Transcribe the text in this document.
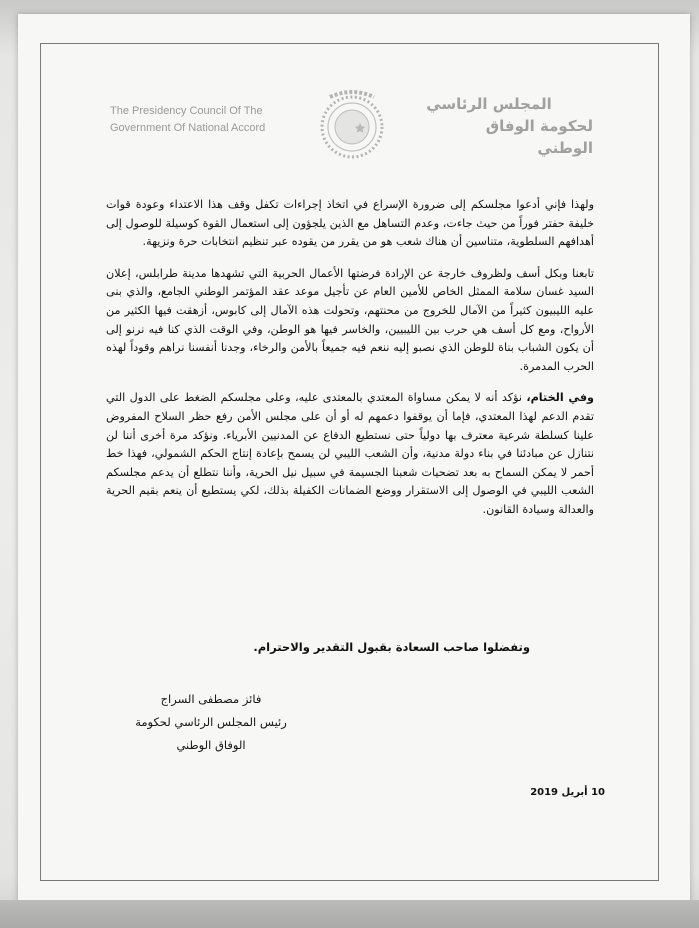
The Presidency Council Of The
Government Of National Accord
المجلس الرئاسي
لحكومة الوفاق الوطني

ولهذا فإني أدعوا مجلسكم إلى ضرورة الإسراع في اتخاذ إجراءات تكفل وقف هذا الاعتداء وعودة قوات خليفة حفتر فوراً من حيث جاءت، وعدم التساهل مع الذين يلجؤون إلى استعمال القوة كوسيلة للوصول إلى أهدافهم السلطوية، متناسين أن هناك شعب هو من يقرر من يقوده عبر تنظيم انتخابات حرة ونزيهة.

تابعنا وبكل أسف ولظروف خارجة عن الإرادة فرضتها الأعمال الحربية التي تشهدها مدينة طرابلس، إعلان السيد غسان سلامة الممثل الخاص للأمين العام عن تأجيل موعد عقد المؤتمر الوطني الجامع، والذي بنى عليه الليبيون كثيراً من الآمال للخروج من محنتهم، وتحولت هذه الآمال إلى كابوس، أزهقت فيها الكثير من الأرواح، ومع كل أسف هي حرب بين الليبيين، والخاسر فيها هو الوطن، وفي الوقت الذي كنا فيه نرنو إلى أن يكون الشباب بناة للوطن الذي نصبو إليه ننعم فيه جميعاً بالأمن والرخاء، وجدنا أنفسنا نراهم وقوداً لهذه الحرب المدمرة.

وفي الختام، نؤكد أنه لا يمكن مساواة المعتدي بالمعتدى عليه، وعلى مجلسكم الضغط على الدول التي تقدم الدعم لهذا المعتدي، فإما أن يوقفوا دعمهم له أو أن على مجلس الأمن رفع حظر السلاح المفروض علينا كسلطة شرعية معترف بها دولياً حتى نستطيع الدفاع عن المدنيين الأبرياء. ونؤكد مرة أخرى أننا لن نتنازل عن مبادئنا في بناء دولة مدنية، وأن الشعب الليبي لن يسمح بإعادة إنتاج الحكم الشمولي، فهذا خط أحمر لا يمكن السماح به بعد تضحيات شعبنا الجسيمة في سبيل نيل الحرية، وأننا نتطلع أن يدعم مجلسكم الشعب الليبي في الوصول إلى الاستقرار ووضع الضمانات الكفيلة بذلك، لكي يستطيع أن ينعم بقيم الحرية والعدالة وسيادة القانون.

وتفضلوا صاحب السعادة بقبول التقدير والاحترام.
فائز مصطفى السراج
رئيس المجلس الرئاسي لحكومة
الوفاق الوطني
10 أبريل 2019
